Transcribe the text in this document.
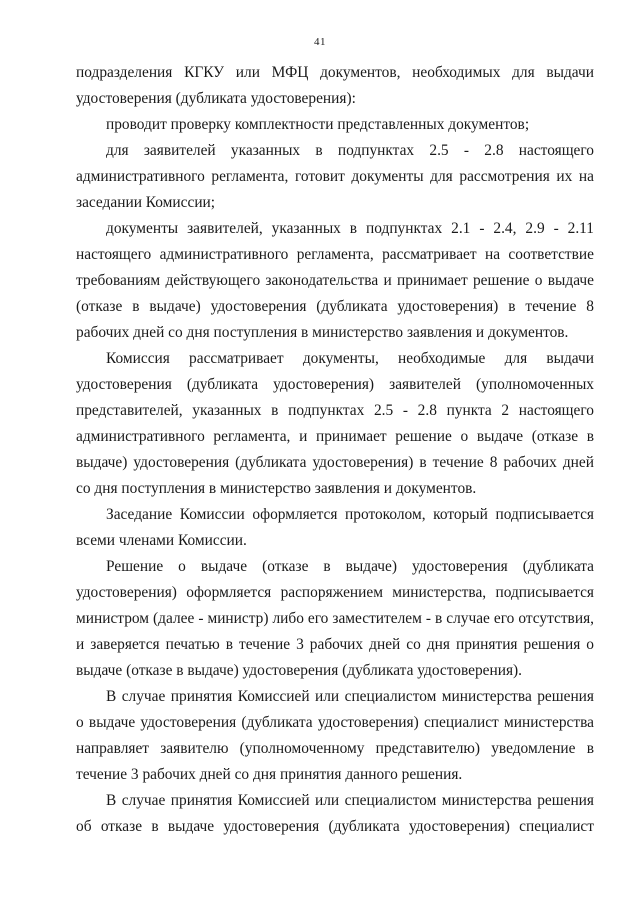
41

подразделения КГКУ или МФЦ документов, необходимых для выдачи удостоверения (дубликата удостоверения):

проводит проверку комплектности представленных документов;

для заявителей указанных в подпунктах 2.5 - 2.8 настоящего административного регламента, готовит документы для рассмотрения их на заседании Комиссии;

документы заявителей, указанных в подпунктах 2.1 - 2.4, 2.9 - 2.11 настоящего административного регламента, рассматривает на соответствие требованиям действующего законодательства и принимает решение о выдаче (отказе в выдаче) удостоверения (дубликата удостоверения) в течение 8 рабочих дней со дня поступления в министерство заявления и документов.

Комиссия рассматривает документы, необходимые для выдачи удостоверения (дубликата удостоверения) заявителей (уполномоченных представителей, указанных в подпунктах 2.5 - 2.8 пункта 2 настоящего административного регламента, и принимает решение о выдаче (отказе в выдаче) удостоверения (дубликата удостоверения) в течение 8 рабочих дней со дня поступления в министерство заявления и документов.

Заседание Комиссии оформляется протоколом, который подписывается всеми членами Комиссии.

Решение о выдаче (отказе в выдаче) удостоверения (дубликата удостоверения) оформляется распоряжением министерства, подписывается министром (далее - министр) либо его заместителем - в случае его отсутствия, и заверяется печатью в течение 3 рабочих дней со дня принятия решения о выдаче (отказе в выдаче) удостоверения (дубликата удостоверения).

В случае принятия Комиссией или специалистом министерства решения о выдаче удостоверения (дубликата удостоверения) специалист министерства направляет заявителю (уполномоченному представителю) уведомление в течение 3 рабочих дней со дня принятия данного решения.

В случае принятия Комиссией или специалистом министерства решения об отказе в выдаче удостоверения (дубликата удостоверения) специалист
